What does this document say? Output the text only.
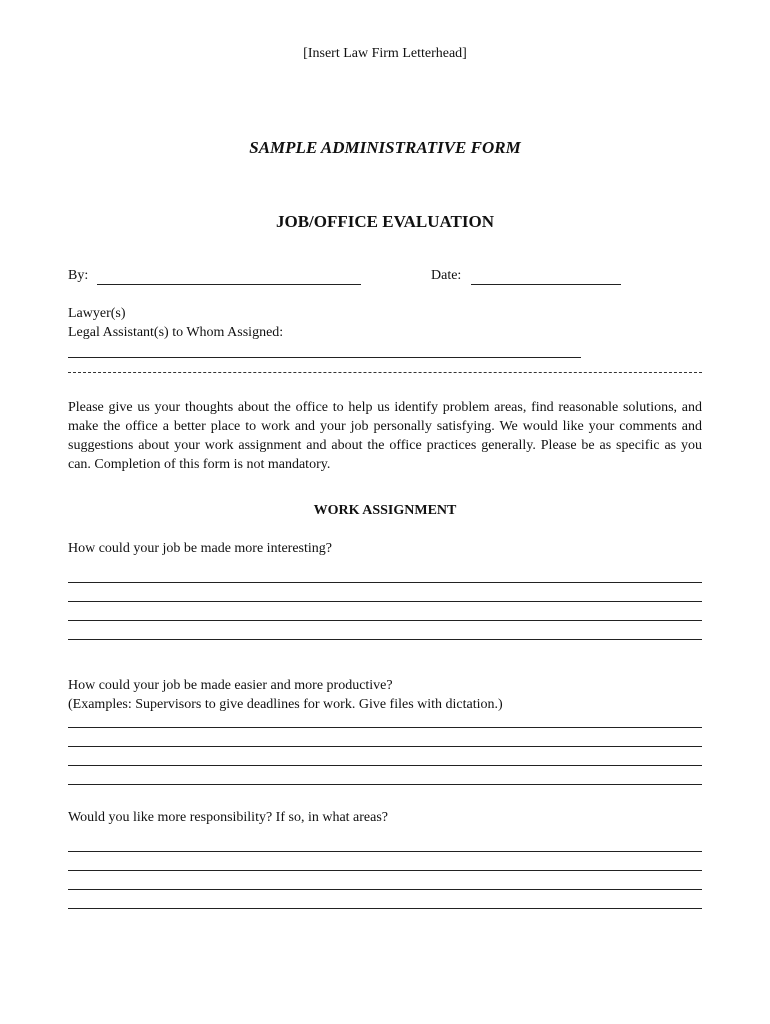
[Insert Law Firm Letterhead]
SAMPLE ADMINISTRATIVE FORM
JOB/OFFICE EVALUATION
By:	Date:
Lawyer(s)
Legal Assistant(s) to Whom Assigned:
Please give us your thoughts about the office to help us identify problem areas, find reasonable solutions, and make the office a better place to work and your job personally satisfying. We would like your comments and suggestions about your work assignment and about the office practices generally. Please be as specific as you can. Completion of this form is not mandatory.
WORK ASSIGNMENT
How could your job be made more interesting?
How could your job be made easier and more productive?
(Examples: Supervisors to give deadlines for work. Give files with dictation.)
Would you like more responsibility? If so, in what areas?
